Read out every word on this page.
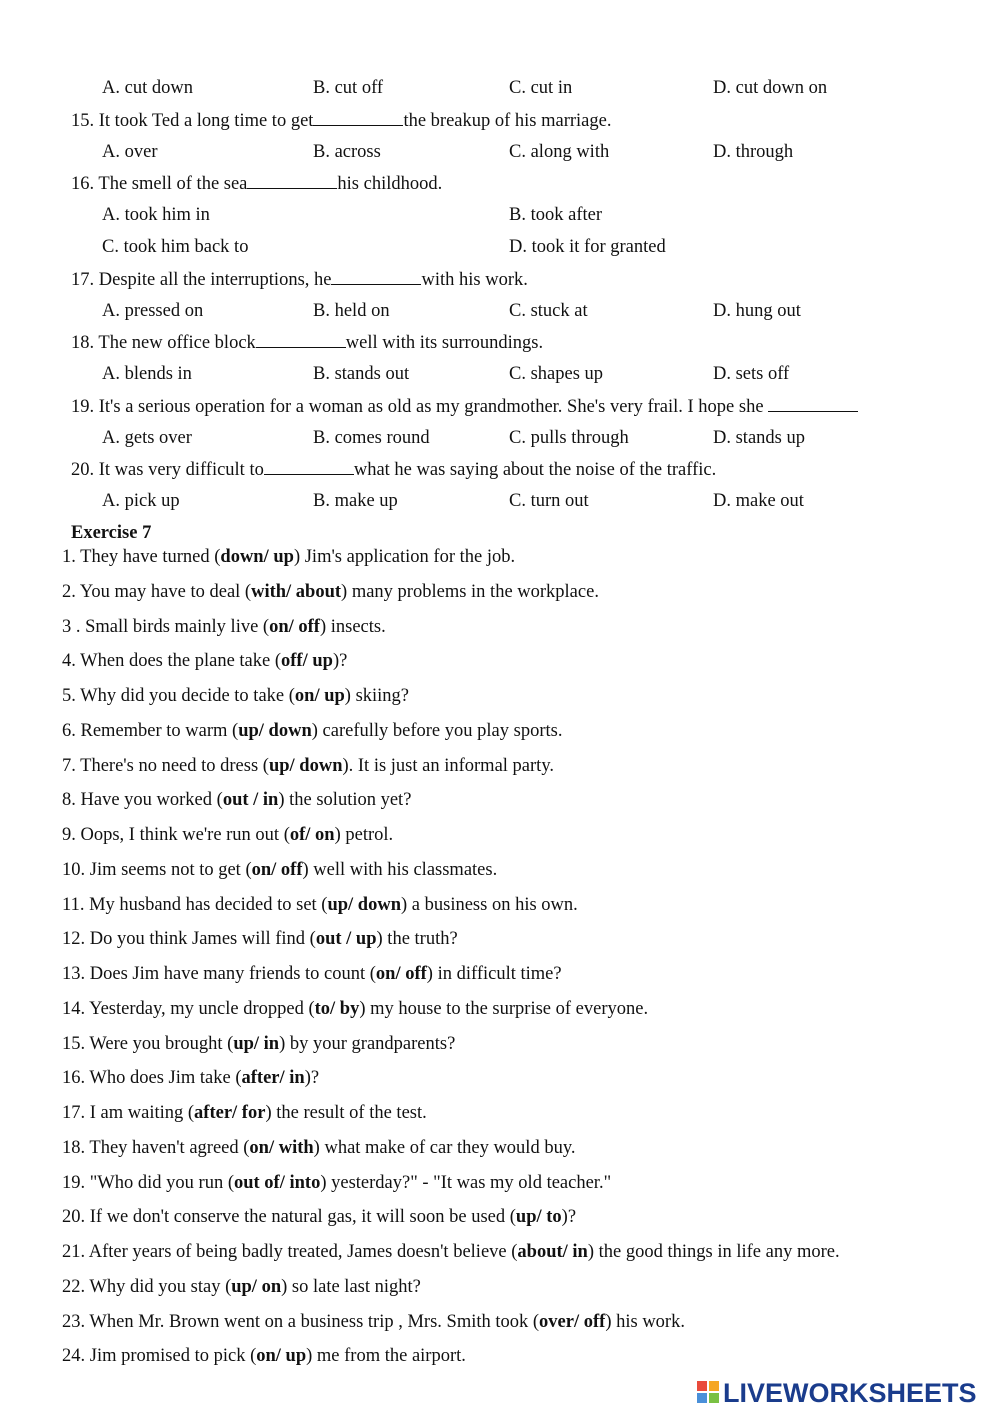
A. cut down	B. cut off	C. cut in	D. cut down on
15. It took Ted a long time to get	the breakup of his marriage.
A. over	B. across	C. along with	D. through
16. The smell of the sea	his childhood.
A. took him in	B. took after
C. took him back to	D. took it for granted
17. Despite all the interruptions, he	with his work.
A. pressed on	B. held on	C. stuck at	D. hung out
18. The new office block	well with its surroundings.
A. blends in	B. stands out	C. shapes up	D. sets off
19. It's a serious operation for a woman as old as my grandmother. She's very frail. I hope she
A. gets over	B. comes round	C. pulls through	D. stands up
20. It was very difficult to	what he was saying about the noise of the traffic.
A. pick up	B. make up	C. turn out	D. make out
Exercise 7
1. They have turned (down/ up) Jim's application for the job.
2. You may have to deal (with/ about) many problems in the workplace.
3 . Small birds mainly live (on/ off) insects.
4. When does the plane take (off/ up)?
5. Why did you decide to take (on/ up) skiing?
6. Remember to warm (up/ down) carefully before you play sports.
7. There's no need to dress (up/ down). It is just an informal party.
8. Have you worked (out / in) the solution yet?
9. Oops, I think we're run out (of/ on) petrol.
10. Jim seems not to get (on/ off) well with his classmates.
11. My husband has decided to set (up/ down) a business on his own.
12. Do you think James will find (out / up) the truth?
13. Does Jim have many friends to count (on/ off) in difficult time?
14. Yesterday, my uncle dropped (to/ by) my house to the surprise of everyone.
15. Were you brought (up/ in) by your grandparents?
16. Who does Jim take (after/ in)?
17. I am waiting (after/ for) the result of the test.
18. They haven't agreed (on/ with) what make of car they would buy.
19. "Who did you run (out of/ into) yesterday?" - "It was my old teacher."
20. If we don't conserve the natural gas, it will soon be used (up/ to)?
21. After years of being badly treated, James doesn't believe (about/ in) the good things in life any more.
22. Why did you stay (up/ on) so late last night?
23. When Mr. Brown went on a business trip , Mrs. Smith took (over/ off) his work.
24. Jim promised to pick (on/ up) me from the airport.
LIVEWORKSHEETS
